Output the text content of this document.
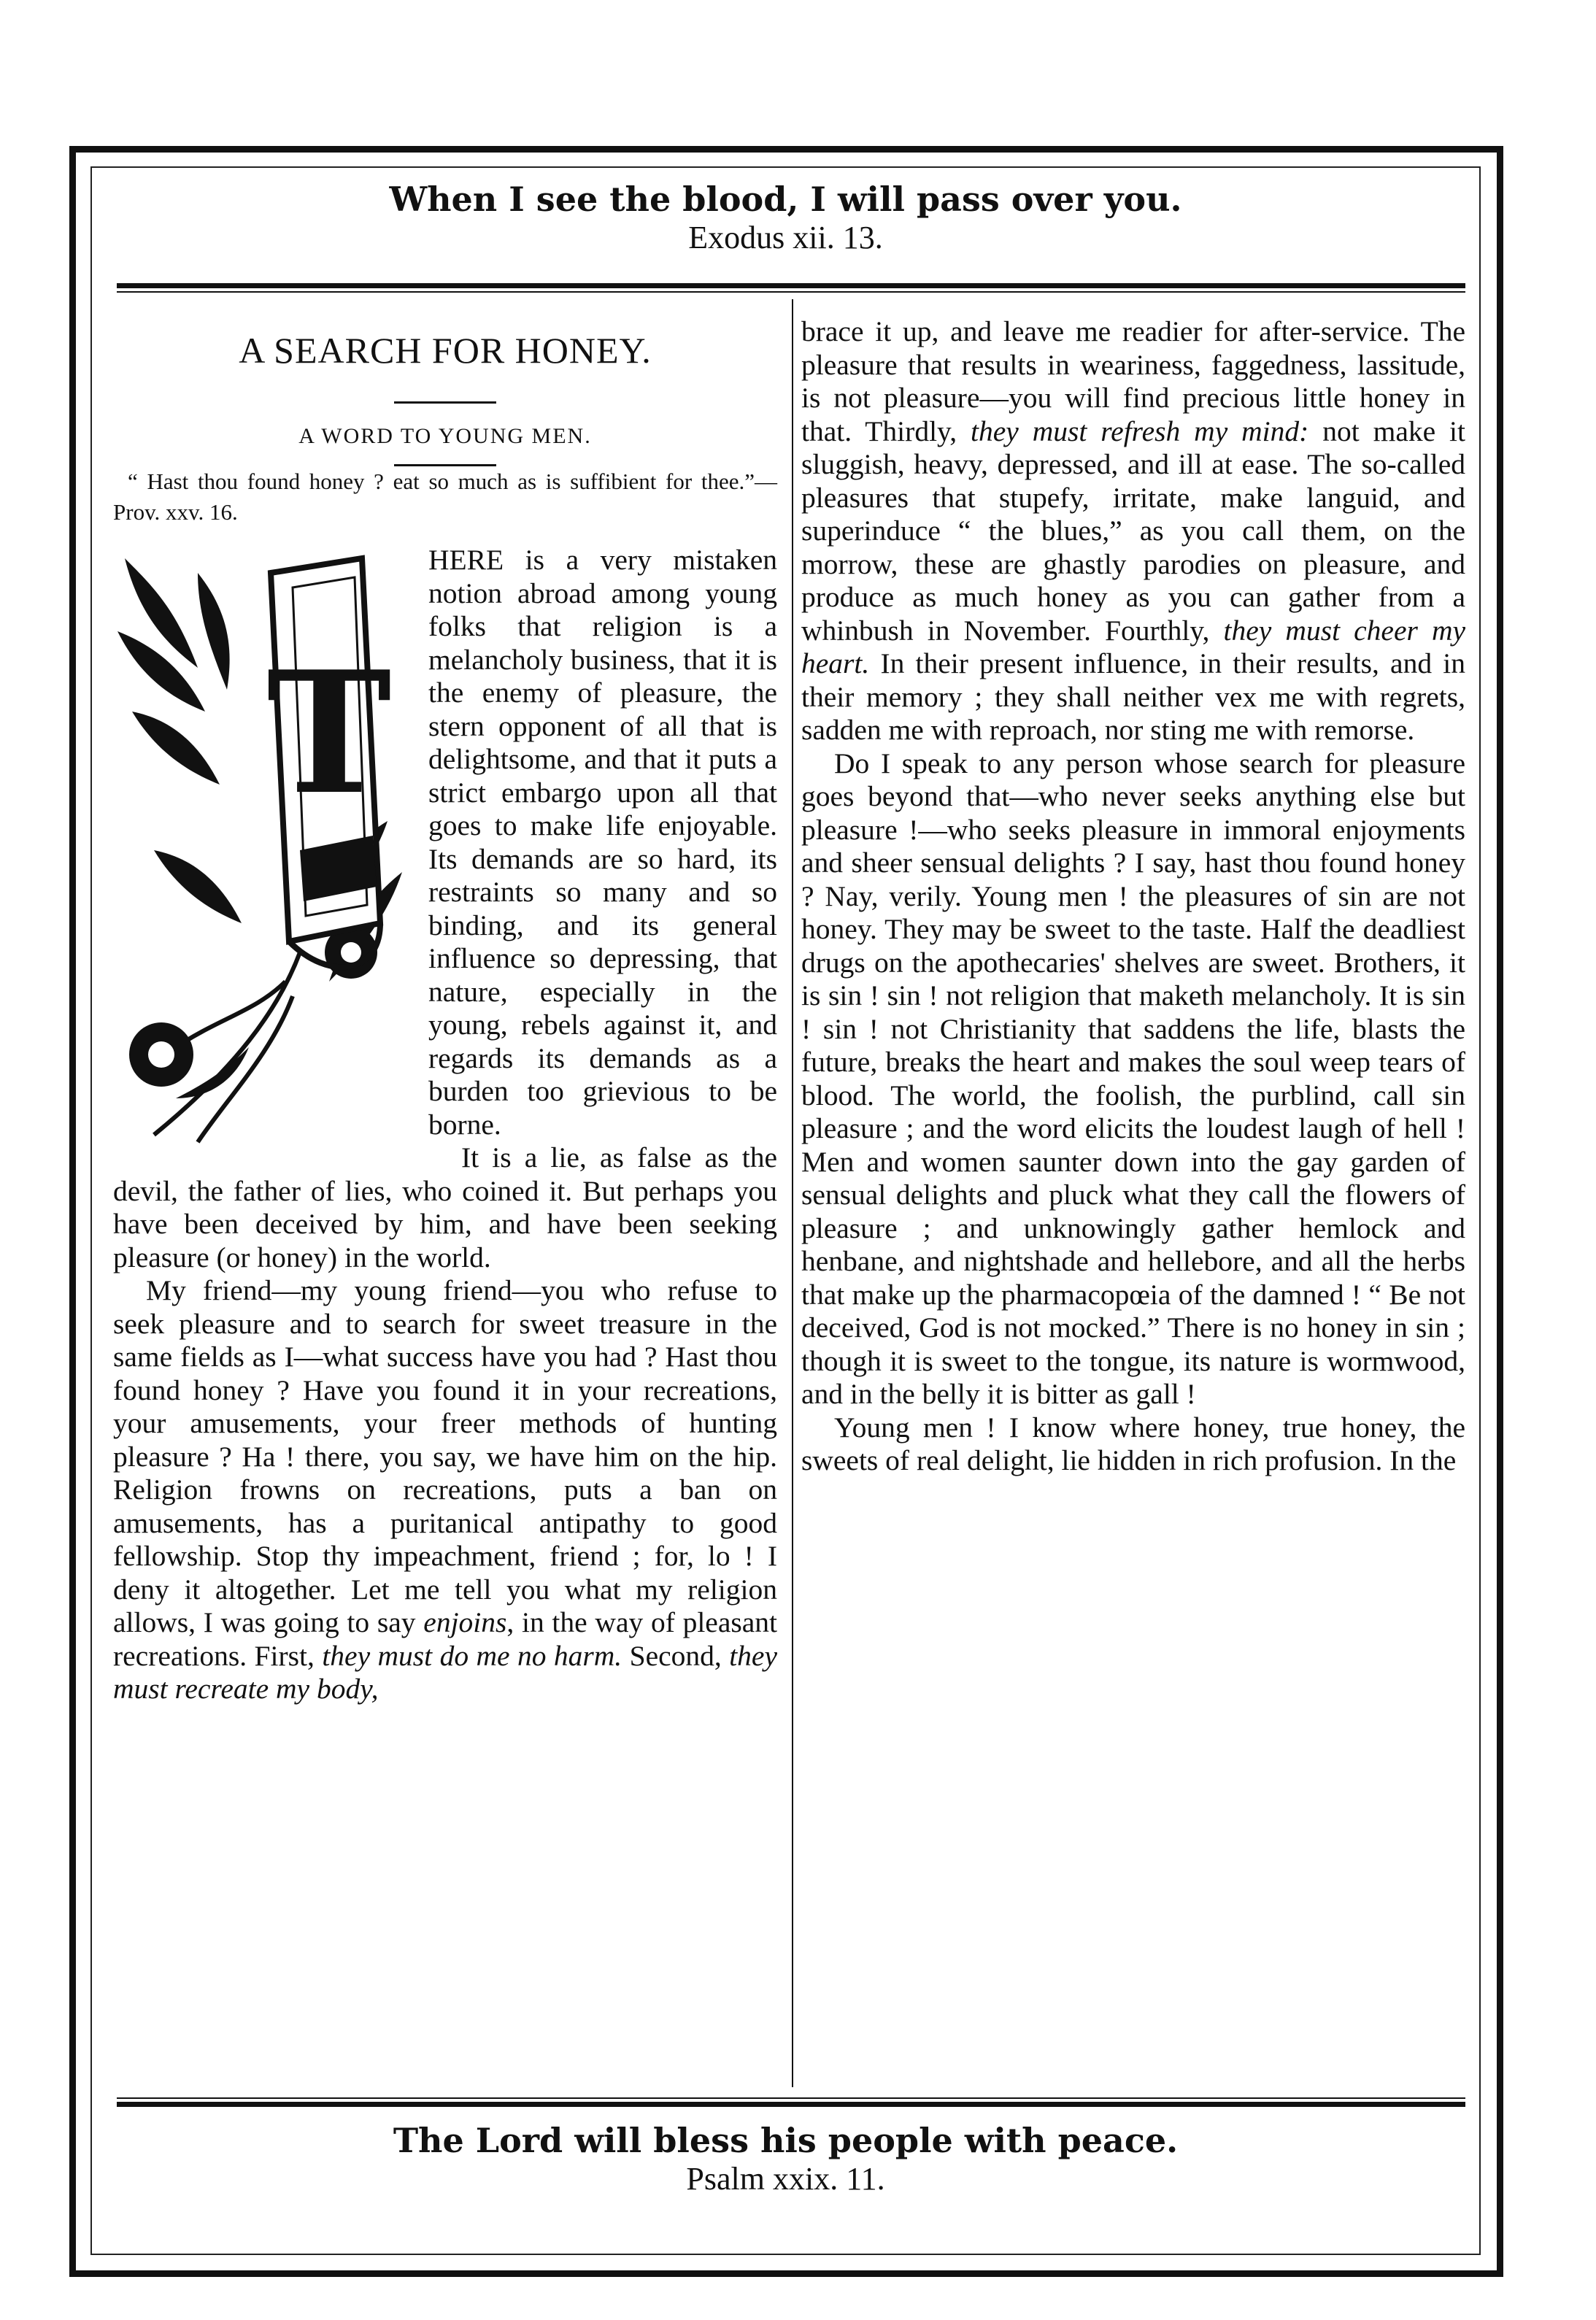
When I see the blood, I will pass over you.
Exodus xii. 13.
A SEARCH FOR HONEY.
A WORD TO YOUNG MEN.

“ Hast thou found honey ? eat so much as is suffibient for thee.”—Prov. xxv. 16.

T

HERE is a very mistaken notion abroad among young folks that religion is a melancholy business, that it is the enemy of pleasure, the stern opponent of all that is delightsome, and that it puts a strict embargo upon all that goes to make life enjoyable. Its demands are so hard, its restraints so many and so binding, and its general influence so depressing, that nature, especially in the young, rebels against it, and regards its demands as a burden too grievious to be borne.

It is a lie, as false as the devil, the father of lies, who coined it. But perhaps you have been deceived by him, and have been seeking pleasure (or honey) in the world.

My friend—my young friend—you who refuse to seek pleasure and to search for sweet treasure in the same fields as I—what success have you had ? Hast thou found honey ? Have you found it in your recreations, your amusements, your freer methods of hunting pleasure ? Ha ! there, you say, we have him on the hip. Religion frowns on recreations, puts a ban on amusements, has a puritanical antipathy to good fellowship. Stop thy impeachment, friend ; for, lo ! I deny it altogether. Let me tell you what my religion allows, I was going to say enjoins, in the way of pleasant recreations. First, they must do me no harm. Second, they must recreate my body,

brace it up, and leave me readier for after-service. The pleasure that results in weariness, faggedness, lassitude, is not pleasure—you will find precious little honey in that. Thirdly, they must refresh my mind: not make it sluggish, heavy, depressed, and ill at ease. The so-called pleasures that stupefy, irritate, make languid, and superinduce “ the blues,” as you call them, on the morrow, these are ghastly parodies on pleasure, and produce as much honey as you can gather from a whinbush in November. Fourthly, they must cheer my heart. In their present influence, in their results, and in their memory ; they shall neither vex me with regrets, sadden me with reproach, nor sting me with remorse.

Do I speak to any person whose search for pleasure goes beyond that—who never seeks anything else but pleasure !—who seeks pleasure in immoral enjoyments and sheer sensual delights ? I say, hast thou found honey ? Nay, verily. Young men ! the pleasures of sin are not honey. They may be sweet to the taste. Half the deadliest drugs on the apothecaries' shelves are sweet. Brothers, it is sin ! sin ! not religion that maketh melancholy. It is sin ! sin ! not Christianity that saddens the life, blasts the future, breaks the heart and makes the soul weep tears of blood. The world, the foolish, the purblind, call sin pleasure ; and the word elicits the loudest laugh of hell ! Men and women saunter down into the gay garden of sensual delights and pluck what they call the flowers of pleasure ; and unknowingly gather hemlock and henbane, and nightshade and hellebore, and all the herbs that make up the pharmacopœia of the damned ! “ Be not deceived, God is not mocked.” There is no honey in sin ; though it is sweet to the tongue, its nature is wormwood, and in the belly it is bitter as gall !

Young men ! I know where honey, true honey, the sweets of real delight, lie hidden in rich profusion. In the

The Lord will bless his people with peace.
Psalm xxix. 11.
